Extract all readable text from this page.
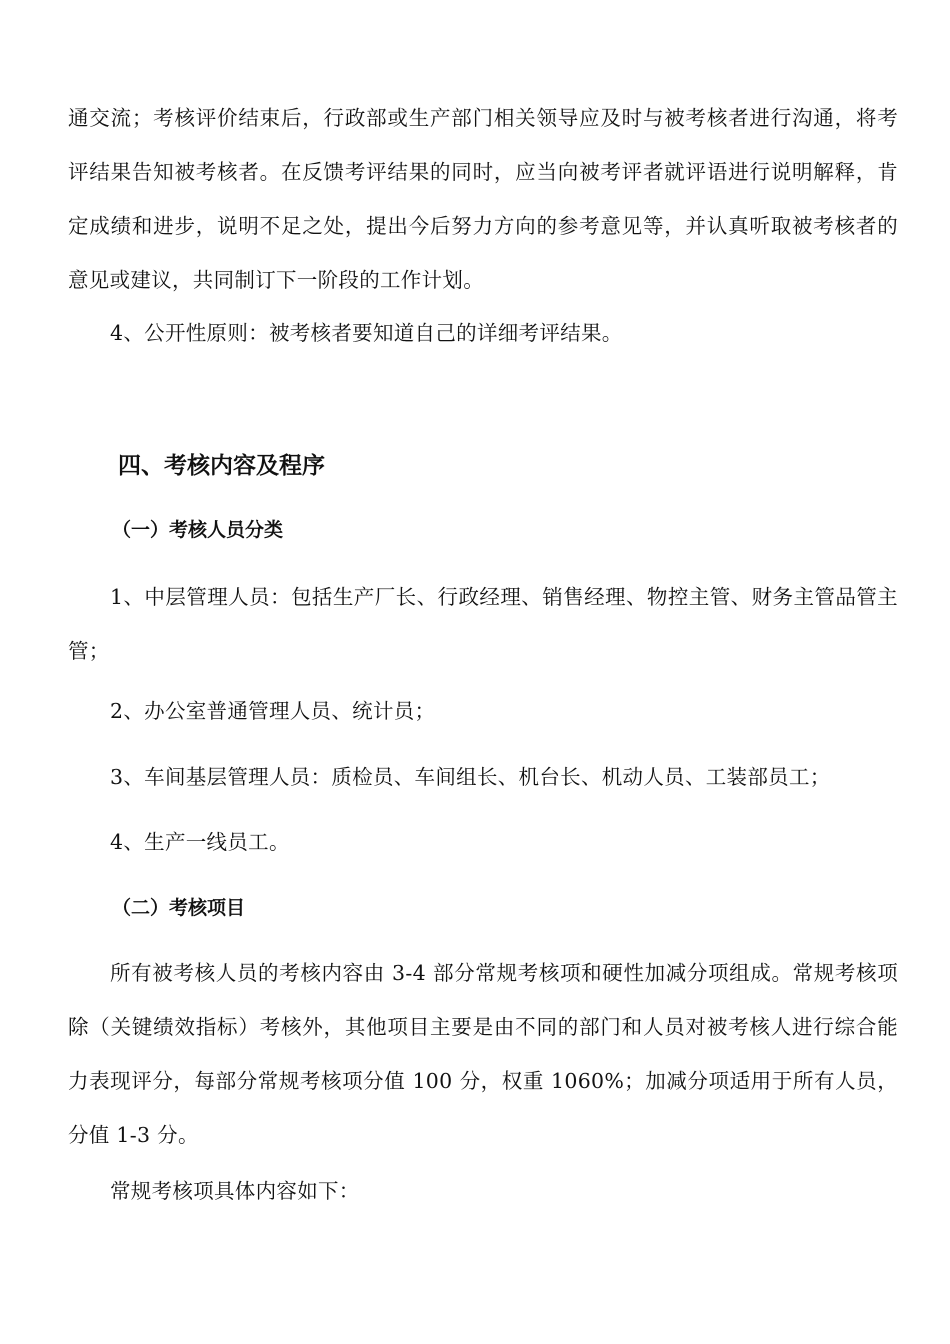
通交流；考核评价结束后，行政部或生产部门相关领导应及时与被考核者进行沟通，将考评结果告知被考核者。在反馈考评结果的同时，应当向被考评者就评语进行说明解释，肯定成绩和进步，说明不足之处，提出今后努力方向的参考意见等，并认真听取被考核者的意见或建议，共同制订下一阶段的工作计划。

4、公开性原则：被考核者要知道自己的详细考评结果。

四、考核内容及程序
（一）考核人员分类

1、中层管理人员：包括生产厂长、行政经理、销售经理、物控主管、财务主管品管主管；

2、办公室普通管理人员、统计员；

3、车间基层管理人员：质检员、车间组长、机台长、机动人员、工装部员工；

4、生产一线员工。

（二）考核项目

所有被考核人员的考核内容由 3-4 部分常规考核项和硬性加减分项组成。常规考核项除（关键绩效指标）考核外，其他项目主要是由不同的部门和人员对被考核人进行综合能力表现评分，每部分常规考核项分值 100 分，权重 1060%；加减分项适用于所有人员，分值 1-3 分。

常规考核项具体内容如下：
